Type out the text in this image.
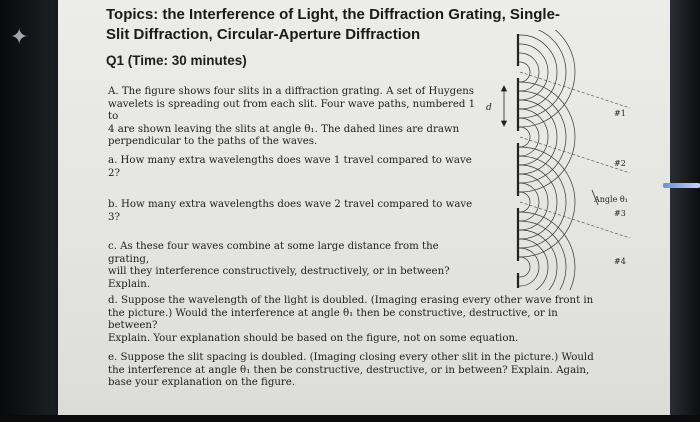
✦
Topics: the Interference of Light, the Diffraction Grating, Single-
Slit Diffraction, Circular-Aperture Diffraction
Q1 (Time: 30 minutes)
A. The figure shows four slits in a diffraction grating. A set of Huygens
wavelets is spreading out from each slit. Four wave paths, numbered 1 to
4 are shown leaving the slits at angle θ₁. The dahed lines are drawn
perpendicular to the paths of the waves.
a. How many extra wavelengths does wave 1 travel compared to wave
2?
b. How many extra wavelengths does wave 2 travel compared to wave
3?
c. As these four waves combine at some large distance from the grating,
will they interference constructively, destructively, or in between?
Explain.
d. Suppose the wavelength of the light is doubled. (Imaging erasing every other wave front in
the picture.) Would the interference at angle θ₁ then be constructive, destructive, or in between?
Explain. Your explanation should be based on the figure, not on some equation.
e. Suppose the slit spacing is doubled. (Imaging closing every other slit in the picture.) Would
the interference at angle θ₁ then be constructive, destructive, or in between? Explain. Again,
base your explanation on the figure.
d
Angle θ₁
#1
#2
#3
#4
